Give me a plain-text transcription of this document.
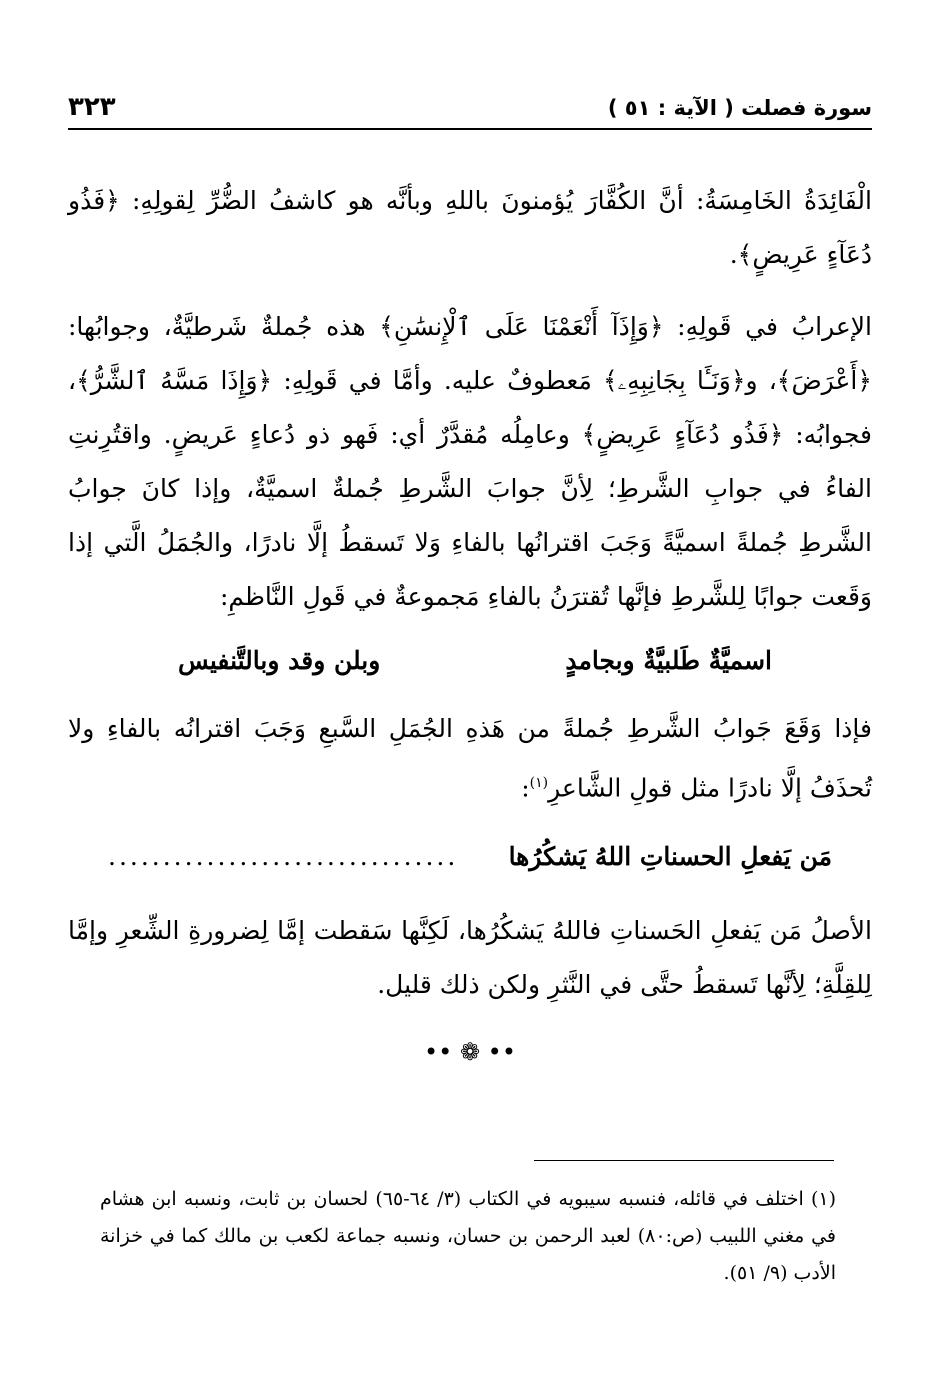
سورة فصلت ( الآية : ٥١ )
٣٢٣

الْفَائِدَةُ الخَامِسَةُ: أنَّ الكُفَّارَ يُؤمنونَ باللهِ وبأنَّه هو كاشفُ الضُّرِّ لِقولِهِ: ﴿فَذُو دُعَآءٍ عَرِيضٍ﴾.

الإعرابُ في قَولِهِ: ﴿وَإِذَآ أَنْعَمْنَا عَلَى ٱلْإِنسَٰنِ﴾ هذه جُملةٌ شَرطيَّةٌ، وجوابُها: ﴿أَعْرَضَ﴾، و﴿وَنَـَٔا بِجَانِبِهِۦ﴾ مَعطوفٌ عليه. وأمَّا في قَولِهِ: ﴿وَإِذَا مَسَّهُ ٱلشَّرُّ﴾، فجوابُه: ﴿فَذُو دُعَآءٍ عَرِيضٍ﴾ وعامِلُه مُقدَّرٌ أي: فَهو ذو دُعاءٍ عَريضٍ. واقتُرِنتِ الفاءُ في جوابِ الشَّرطِ؛ لِأنَّ جوابَ الشَّرطِ جُملةٌ اسميَّةٌ، وإذا كانَ جوابُ الشَّرطِ جُملةً اسميَّةً وَجَبَ اقترانُها بالفاءِ وَلا تَسقطُ إلَّا نادرًا، والجُمَلُ الَّتي إذا وَقَعت جوابًا لِلشَّرطِ فإنَّها تُقترَنُ بالفاءِ مَجموعةٌ في قَولِ النَّاظمِ:

اسميَّةٌ طَلبيَّةٌ وبجامدٍ
وبلن وقد وبالتَّنفيس

فإذا وَقَعَ جَوابُ الشَّرطِ جُملةً من هَذهِ الجُمَلِ السَّبعِ وَجَبَ اقترانُه بالفاءِ ولا تُحذَفُ إلَّا نادرًا مثل قولِ الشَّاعرِ$^{(١)}$:

مَن يَفعلِ الحسناتِ اللهُ يَشكُرُها
................................

الأصلُ مَن يَفعلِ الحَسناتِ فاللهُ يَشكُرُها، لَكِنَّها سَقطت إمَّا لِضرورةِ الشِّعرِ وإمَّا لِلقِلَّةِ؛ لِأنَّها تَسقطُ حتَّى في النَّثرِ ولكن ذلك قليل.

•• ❁ ••

(١) اختلف في قائله، فنسبه سيبويه في الكتاب (٣/ ٦٤-٦٥) لحسان بن ثابت، ونسبه ابن هشام في مغني اللبيب (ص:٨٠) لعبد الرحمن بن حسان، ونسبه جماعة لكعب بن مالك كما في خزانة الأدب (٩/ ٥١).
